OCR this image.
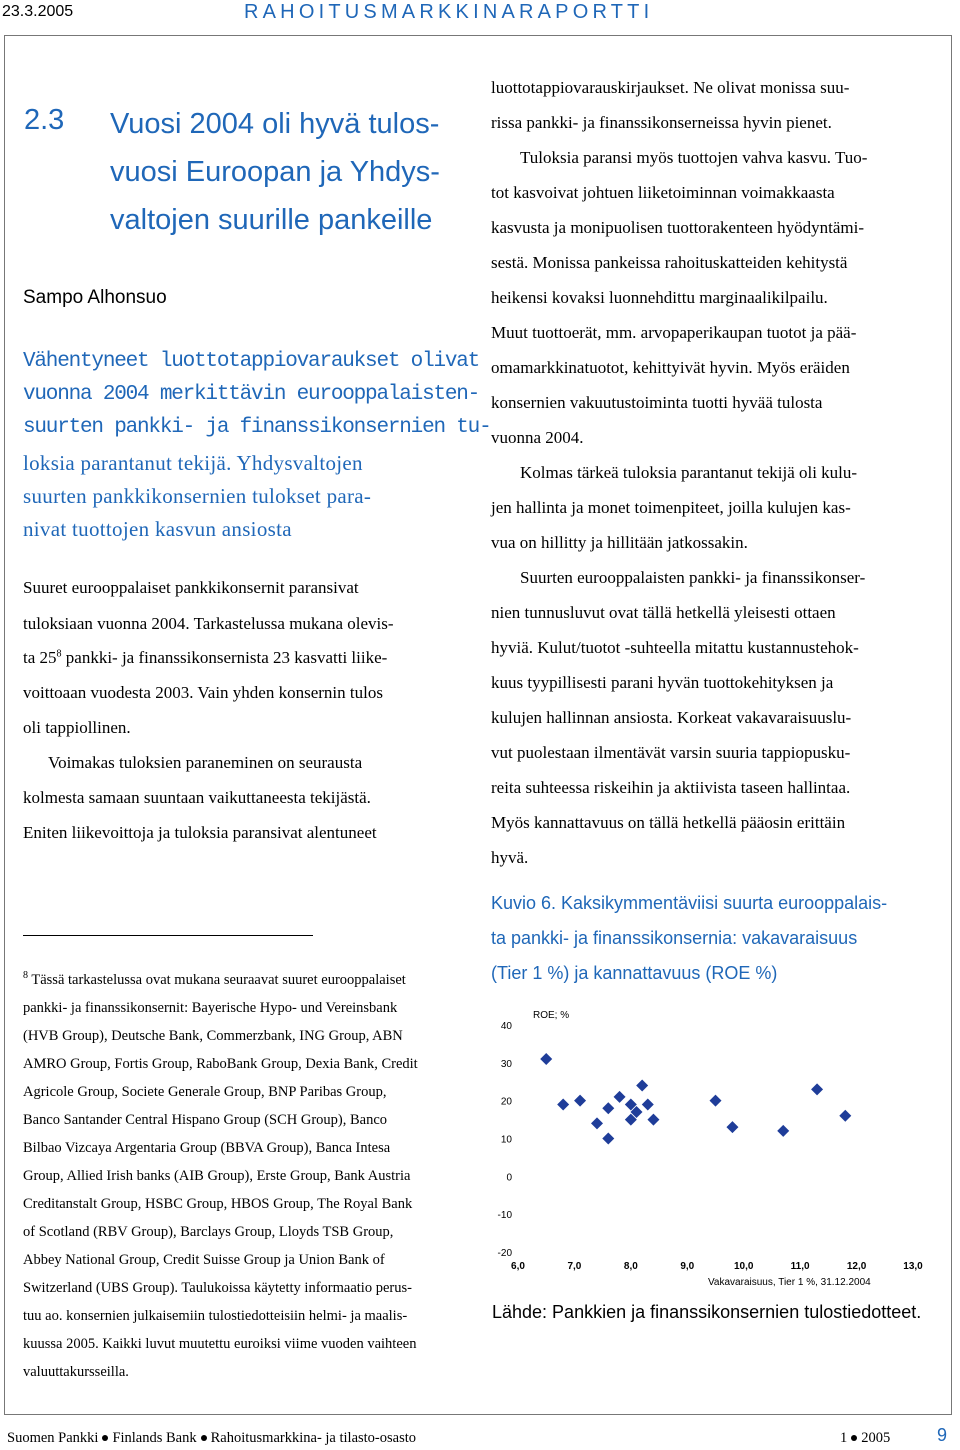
23.3.2005	RAHOITUSMARKKINARAPORTTI
2.3 Vuosi 2004 oli hyvä tulos-
vuosi Euroopan ja Yhdys-
valtojen suurille pankeille
Sampo Alhonsuo
Vähentyneet luottotappiovaraukset olivat
vuonna 2004 merkittävin eurooppalaisten-
suurten pankki- ja finanssikonsernien tu-
loksia parantanut tekijä. Yhdysvaltojen
suurten pankkikonsernien tulokset para-
nivat tuottojen kasvun ansiosta
Suuret eurooppalaiset pankkikonsernit paransivat
tuloksiaan vuonna 2004. Tarkastelussa mukana olevis-
ta $25^8$ pankki- ja finanssikonsernista 23 kasvatti liike-
voittoaan vuodesta 2003. Vain yhden konsernin tulos
oli tappiollinen.
Voimakas tuloksien paraneminen on seurausta
kolmesta samaan suuntaan vaikuttaneesta tekijästä.
Eniten liikevoittoja ja tuloksia paransivat alentuneet
$^8$ Tässä tarkastelussa ovat mukana seuraavat suuret eurooppalaiset
pankki- ja finanssikonsernit: Bayerische Hypo- und Vereinsbank
(HVB Group), Deutsche Bank, Commerzbank, ING Group, ABN
AMRO Group, Fortis Group, RaboBank Group, Dexia Bank, Credit
Agricole Group, Societe Generale Group, BNP Paribas Group,
Banco Santander Central Hispano Group (SCH Group), Banco
Bilbao Vizcaya Argentaria Group (BBVA Group), Banca Intesa
Group, Allied Irish banks (AIB Group), Erste Group, Bank Austria
Creditanstalt Group, HSBC Group, HBOS Group, The Royal Bank
of Scotland (RBV Group), Barclays Group, Lloyds TSB Group,
Abbey National Group, Credit Suisse Group ja Union Bank of
Switzerland (UBS Group). Taulukoissa käytetty informaatio perus-
tuu ao. konsernien julkaisemiin tulostiedotteisiin helmi- ja maalis-
kuussa 2005. Kaikki luvut muutettu euroiksi viime vuoden vaihteen
valuuttakursseilla.
luottotappiovarauskirjaukset. Ne olivat monissa suu-
rissa pankki- ja finanssikonserneissa hyvin pienet.
Tuloksia paransi myös tuottojen vahva kasvu. Tuo-
tot kasvoivat johtuen liiketoiminnan voimakkaasta
kasvusta ja monipuolisen tuottorakenteen hyödyntämi-
sestä. Monissa pankeissa rahoituskatteiden kehitystä
heikensi kovaksi luonnehdittu marginaalikilpailu.
Muut tuottoerät, mm. arvopaperikaupan tuotot ja pää-
omamarkkinatuotot, kehittyivät hyvin. Myös eräiden
konsernien vakuutustoiminta tuotti hyvää tulosta
vuonna 2004.
Kolmas tärkeä tuloksia parantanut tekijä oli kulu-
jen hallinta ja monet toimenpiteet, joilla kulujen kas-
vua on hillitty ja hillitään jatkossakin.
Suurten eurooppalaisten pankki- ja finanssikonser-
nien tunnusluvut ovat tällä hetkellä yleisesti ottaen
hyviä. Kulut/tuotot -suhteella mitattu kustannustehok-
kuus tyypillisesti parani hyvän tuottokehityksen ja
kulujen hallinnan ansiosta. Korkeat vakavaraisuuslu-
vut puolestaan ilmentävät varsin suuria tappiopusku-
reita suhteessa riskeihin ja aktiivista taseen hallintaa.
Myös kannattavuus on tällä hetkellä pääosin erittäin
hyvä.
Kuvio 6. Kaksikymmentäviisi suurta eurooppalais-
ta pankki- ja finanssikonsernia: vakavaraisuus
(Tier 1 %) ja kannattavuus (ROE %)
ROE; %
40
30
20
10
0
-10
-20
6,0	7,0	8,0	9,0	10,0	11,0	12,0	13,0
Vakavaraisuus, Tier 1 %, 31.12.2004
Lähde: Pankkien ja finanssikonsernien tulostiedotteet.
Suomen Pankki Finlands Bank Rahoitusmarkkina- ja tilasto-osasto	1 2005	9
